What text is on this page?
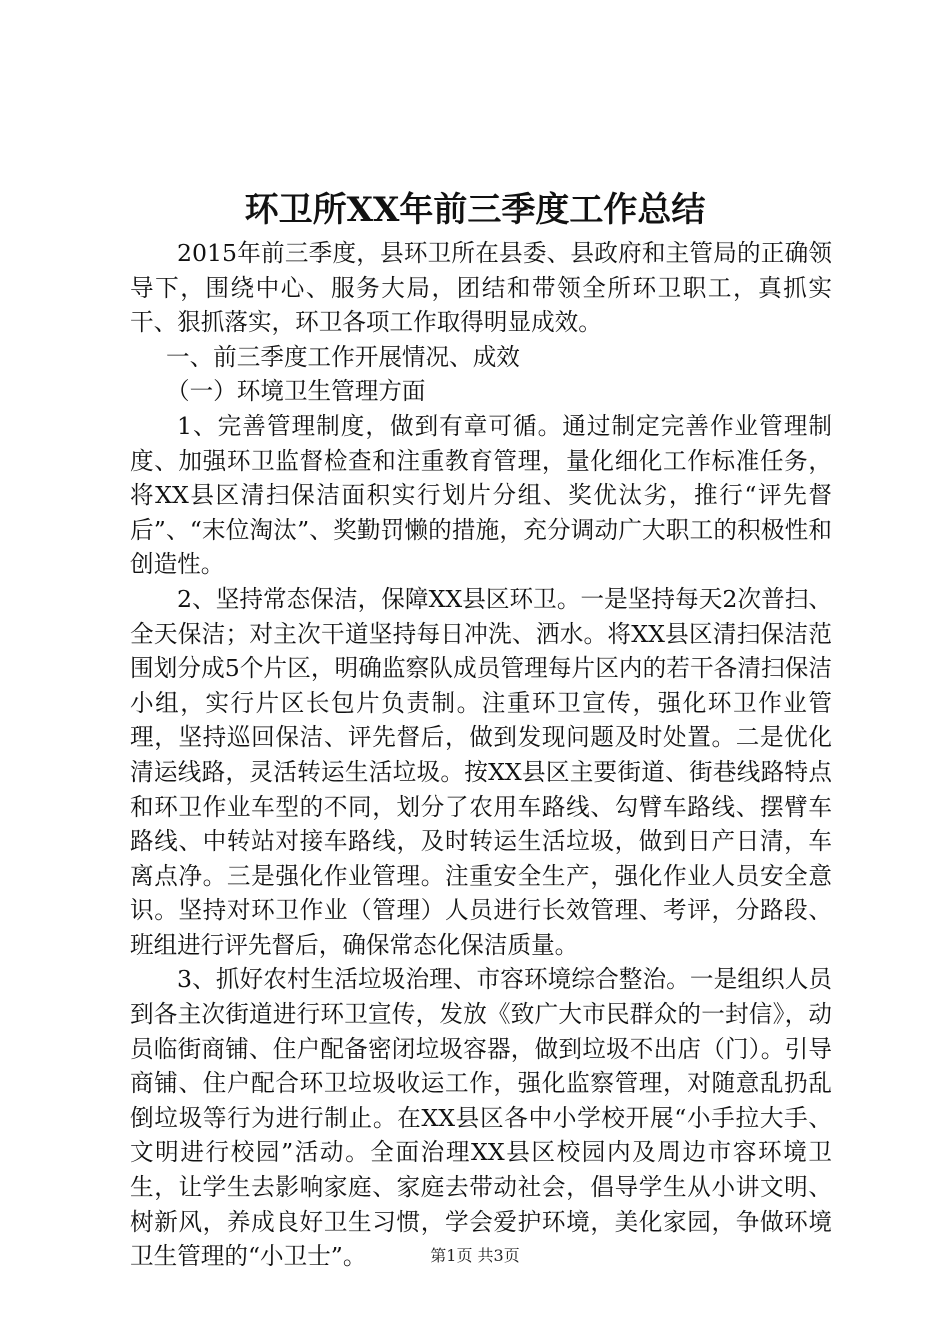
环卫所XX年前三季度工作总结

2015年前三季度，县环卫所在县委、县政府和主管局的正确领导下，围绕中心、服务大局，团结和带领全所环卫职工，真抓实干、狠抓落实，环卫各项工作取得明显成效。

一、前三季度工作开展情况、成效

（一）环境卫生管理方面

1、完善管理制度，做到有章可循。通过制定完善作业管理制度、加强环卫监督检查和注重教育管理，量化细化工作标准任务，将XX县区清扫保洁面积实行划片分组、奖优汰劣，推行“评先督后”、“末位淘汰”、奖勤罚懒的措施，充分调动广大职工的积极性和创造性。

2、坚持常态保洁，保障XX县区环卫。一是坚持每天2次普扫、全天保洁；对主次干道坚持每日冲洗、洒水。将XX县区清扫保洁范围划分成5个片区，明确监察队成员管理每片区内的若干各清扫保洁小组，实行片区长包片负责制。注重环卫宣传，强化环卫作业管理，坚持巡回保洁、评先督后，做到发现问题及时处置。二是优化清运线路，灵活转运生活垃圾。按XX县区主要街道、街巷线路特点和环卫作业车型的不同，划分了农用车路线、勾臂车路线、摆臂车路线、中转站对接车路线，及时转运生活垃圾，做到日产日清，车离点净。三是强化作业管理。注重安全生产，强化作业人员安全意识。坚持对环卫作业（管理）人员进行长效管理、考评，分路段、班组进行评先督后，确保常态化保洁质量。

3、抓好农村生活垃圾治理、市容环境综合整治。一是组织人员到各主次街道进行环卫宣传，发放《致广大市民群众的一封信》，动员临街商铺、住户配备密闭垃圾容器，做到垃圾不出店（门）。引导商铺、住户配合环卫垃圾收运工作，强化监察管理，对随意乱扔乱倒垃圾等行为进行制止。在XX县区各中小学校开展“小手拉大手、文明进行校园”活动。全面治理XX县区校园内及周边市容环境卫生，让学生去影响家庭、家庭去带动社会，倡导学生从小讲文明、树新风，养成良好卫生习惯，学会爱护环境，美化家园，争做环境卫生管理的“小卫士”。	第1页 共3页
